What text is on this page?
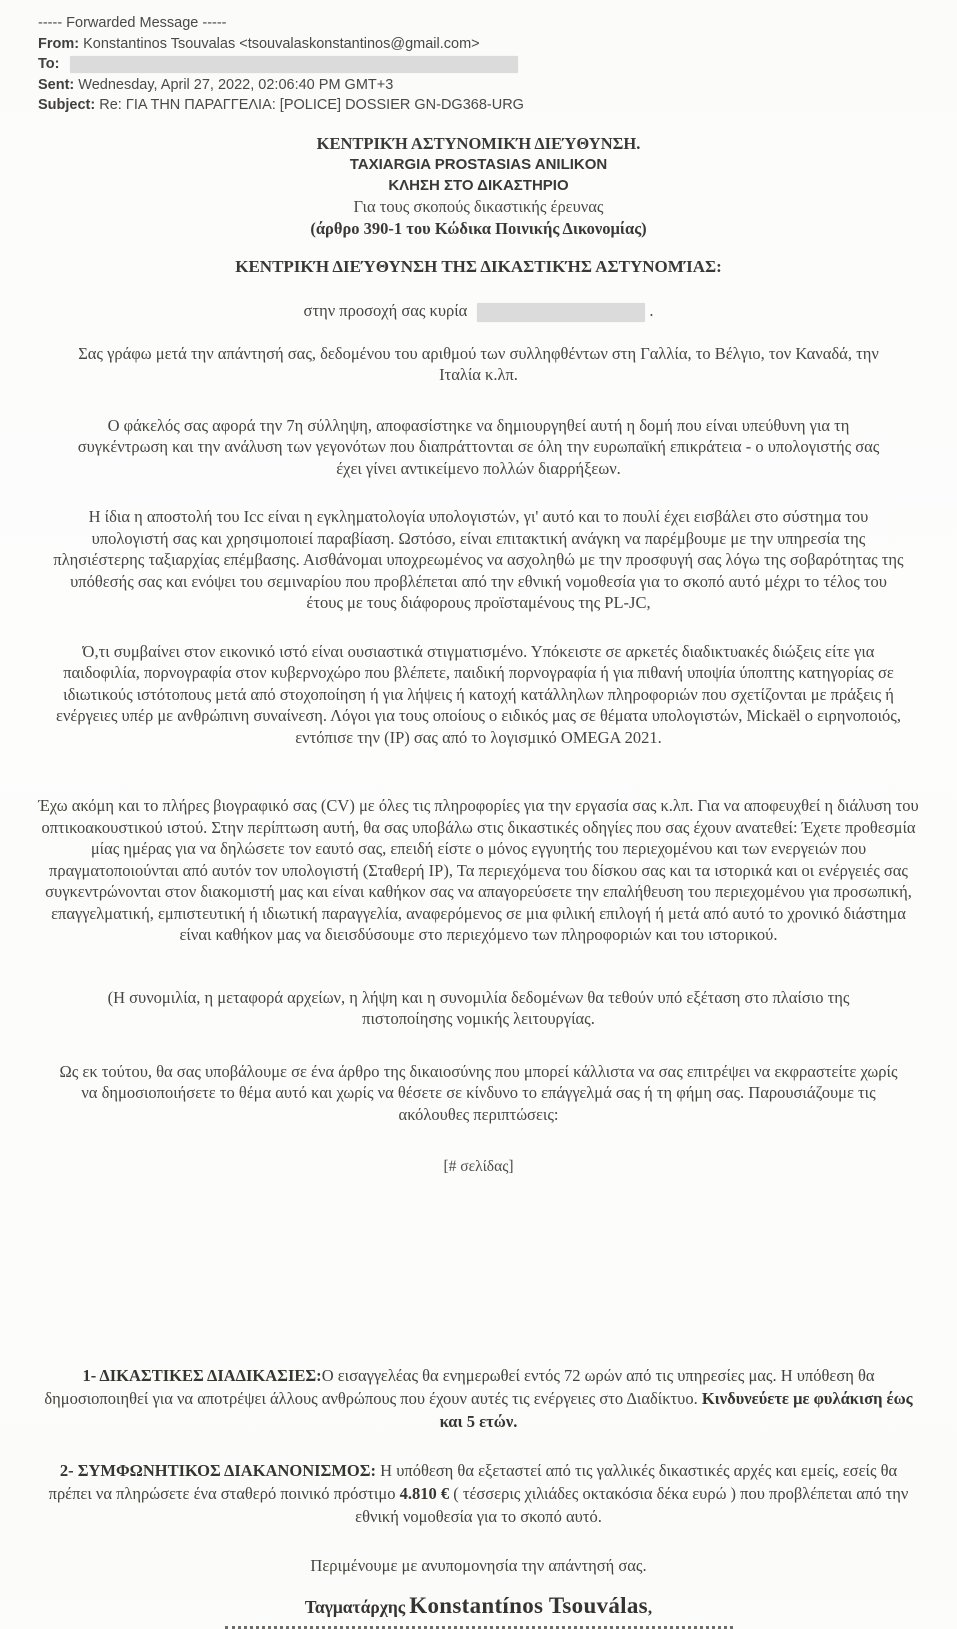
----- Forwarded Message -----
From: Konstantinos Tsouvalas <tsouvalaskonstantinos@gmail.com>
To:
Sent: Wednesday, April 27, 2022, 02:06:40 PM GMT+3
Subject: Re: ΓΙΑ ΤΗΝ ΠΑΡΑΓΓΕΛΙΑ: [POLICE] DOSSIER GN-DG368-URG
ΚΕΝΤΡΙΚΉ ΑΣΤΥΝΟΜΙΚΉ ΔΙΕΎΘΥΝΣΗ.
TAXIARGIA PROSTASIAS ANILIKON
ΚΛΗΣΗ ΣΤΟ ΔΙΚΑΣΤΗΡΙΟ
Για τους σκοπούς δικαστικής έρευνας
(άρθρο 390-1 του Κώδικα Ποινικής Δικονομίας)
ΚΕΝΤΡΙΚΉ ΔΙΕΎΘΥΝΣΗ ΤΗΣ ΔΙΚΑΣΤΙΚΉΣ ΑΣΤΥΝΟΜΊΑΣ:
στην προσοχή σας κυρία	.

Σας γράφω μετά την απάντησή σας, δεδομένου του αριθμού των συλληφθέντων στη Γαλλία, το Βέλγιο, τον Καναδά, την Ιταλία κ.λπ.

Ο φάκελός σας αφορά την 7η σύλληψη, αποφασίστηκε να δημιουργηθεί αυτή η δομή που είναι υπεύθυνη για τη συγκέντρωση και την ανάλυση των γεγονότων που διαπράττονται σε όλη την ευρωπαϊκή επικράτεια - ο υπολογιστής σας έχει γίνει αντικείμενο πολλών διαρρήξεων.

Η ίδια η αποστολή του Icc είναι η εγκληματολογία υπολογιστών, γι' αυτό και το πουλί έχει εισβάλει στο σύστημα του υπολογιστή σας και χρησιμοποιεί παραβίαση. Ωστόσο, είναι επιτακτική ανάγκη να παρέμβουμε με την υπηρεσία της πλησιέστερης ταξιαρχίας επέμβασης. Αισθάνομαι υποχρεωμένος να ασχοληθώ με την προσφυγή σας λόγω της σοβαρότητας της υπόθεσής σας και ενόψει του σεμιναρίου που προβλέπεται από την εθνική νομοθεσία για το σκοπό αυτό μέχρι το τέλος του έτους με τους διάφορους προϊσταμένους της PL-JC,

Ό,τι συμβαίνει στον εικονικό ιστό είναι ουσιαστικά στιγματισμένο. Υπόκειστε σε αρκετές διαδικτυακές διώξεις είτε για παιδοφιλία, πορνογραφία στον κυβερνοχώρο που βλέπετε, παιδική πορνογραφία ή για πιθανή υποψία ύποπτης κατηγορίας σε ιδιωτικούς ιστότοπους μετά από στοχοποίηση ή για λήψεις ή κατοχή κατάλληλων πληροφοριών που σχετίζονται με πράξεις ή ενέργειες υπέρ με ανθρώπινη συναίνεση. Λόγοι για τους οποίους ο ειδικός μας σε θέματα υπολογιστών, Mickaël ο ειρηνοποιός, εντόπισε την (IP) σας από το λογισμικό OMEGA 2021.

Έχω ακόμη και το πλήρες βιογραφικό σας (CV) με όλες τις πληροφορίες για την εργασία σας κ.λπ. Για να αποφευχθεί η διάλυση του οπτικοακουστικού ιστού. Στην περίπτωση αυτή, θα σας υποβάλω στις δικαστικές οδηγίες που σας έχουν ανατεθεί: Έχετε προθεσμία μίας ημέρας για να δηλώσετε τον εαυτό σας, επειδή είστε ο μόνος εγγυητής του περιεχομένου και των ενεργειών που πραγματοποιούνται από αυτόν τον υπολογιστή (Σταθερή IP), Τα περιεχόμενα του δίσκου σας και τα ιστορικά και οι ενέργειές σας συγκεντρώνονται στον διακομιστή μας και είναι καθήκον σας να απαγορεύσετε την επαλήθευση του περιεχομένου για προσωπική, επαγγελματική, εμπιστευτική ή ιδιωτική παραγγελία, αναφερόμενος σε μια φιλική επιλογή ή μετά από αυτό το χρονικό διάστημα είναι καθήκον μας να διεισδύσουμε στο περιεχόμενο των πληροφοριών και του ιστορικού.

(Η συνομιλία, η μεταφορά αρχείων, η λήψη και η συνομιλία δεδομένων θα τεθούν υπό εξέταση στο πλαίσιο της πιστοποίησης νομικής λειτουργίας.

Ως εκ τούτου, θα σας υποβάλουμε σε ένα άρθρο της δικαιοσύνης που μπορεί κάλλιστα να σας επιτρέψει να εκφραστείτε χωρίς να δημοσιοποιήσετε το θέμα αυτό και χωρίς να θέσετε σε κίνδυνο το επάγγελμά σας ή τη φήμη σας. Παρουσιάζουμε τις ακόλουθες περιπτώσεις:

[# σελίδας]

1- ΔΙΚΑΣΤΙΚΕΣ ΔΙΑΔΙΚΑΣΙΕΣ:Ο εισαγγελέας θα ενημερωθεί εντός 72 ωρών από τις υπηρεσίες μας. Η υπόθεση θα δημοσιοποιηθεί για να αποτρέψει άλλους ανθρώπους που έχουν αυτές τις ενέργειες στο Διαδίκτυο. Κινδυνεύετε με φυλάκιση έως και 5 ετών.

2- ΣΥΜΦΩΝΗΤΙΚΟΣ ΔΙΑΚΑΝΟΝΙΣΜΟΣ: Η υπόθεση θα εξεταστεί από τις γαλλικές δικαστικές αρχές και εμείς, εσείς θα πρέπει να πληρώσετε ένα σταθερό ποινικό πρόστιμο 4.810 € ( τέσσερις χιλιάδες οκτακόσια δέκα ευρώ ) που προβλέπεται από την εθνική νομοθεσία για το σκοπό αυτό.

Περιμένουμε με ανυπομονησία την απάντησή σας.
Ταγματάρχης Konstantínos Tsouválas,
